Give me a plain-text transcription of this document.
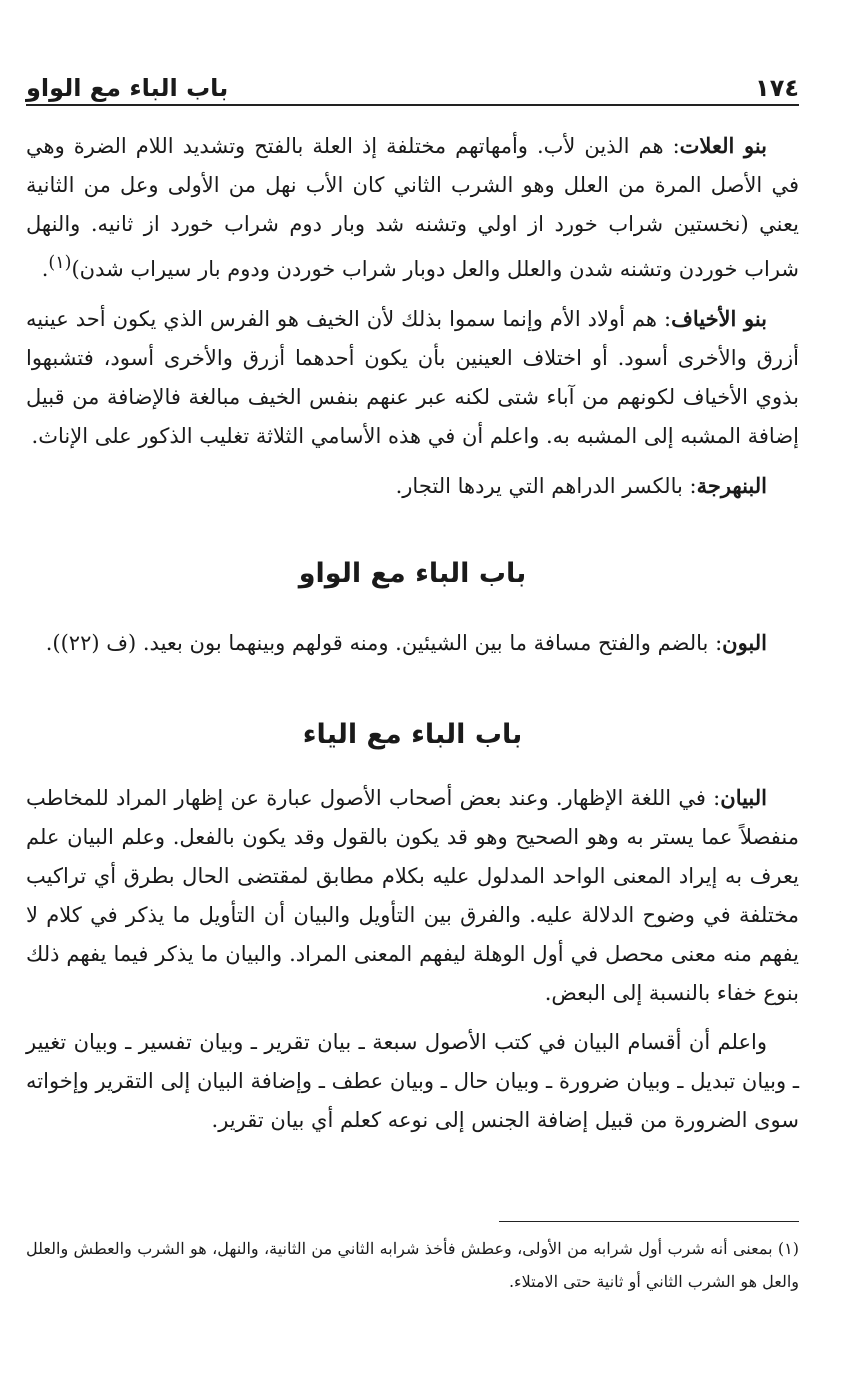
١٧٤
باب الباء مع الواو

بنو العلات: هم الذين لأب. وأمهاتهم مختلفة إذ العلة بالفتح وتشديد اللام الضرة وهي في الأصل المرة من العلل وهو الشرب الثاني كان الأب نهل من الأولى وعل من الثانية يعني (نخستين شراب خورد از اولي وتشنه شد وبار دوم شراب خورد از ثانيه. والنهل شراب خوردن وتشنه شدن والعلل والعل دوبار شراب خوردن ودوم بار سيراب شدن)$^{(١)}$.

بنو الأخياف: هم أولاد الأم وإنما سموا بذلك لأن الخيف هو الفرس الذي يكون أحد عينيه أزرق والأخرى أسود. أو اختلاف العينين بأن يكون أحدهما أزرق والأخرى أسود، فتشبهوا بذوي الأخياف لكونهم من آباء شتى لكنه عبر عنهم بنفس الخيف مبالغة فالإضافة من قبيل إضافة المشبه إلى المشبه به. واعلم أن في هذه الأسامي الثلاثة تغليب الذكور على الإناث.

البنهرجة: بالكسر الدراهم التي يردها التجار.

باب الباء مع الواو

البون: بالضم والفتح مسافة ما بين الشيئين. ومنه قولهم وبينهما بون بعيد. (ف (٢٢)).

باب الباء مع الياء

البيان: في اللغة الإظهار. وعند بعض أصحاب الأصول عبارة عن إظهار المراد للمخاطب منفصلاً عما يستر به وهو الصحيح وهو قد يكون بالقول وقد يكون بالفعل. وعلم البيان علم يعرف به إيراد المعنى الواحد المدلول عليه بكلام مطابق لمقتضى الحال بطرق أي تراكيب مختلفة في وضوح الدلالة عليه. والفرق بين التأويل والبيان أن التأويل ما يذكر في كلام لا يفهم منه معنى محصل في أول الوهلة ليفهم المعنى المراد. والبيان ما يذكر فيما يفهم ذلك بنوع خفاء بالنسبة إلى البعض.

واعلم أن أقسام البيان في كتب الأصول سبعة ـ بيان تقرير ـ وبيان تفسير ـ وبيان تغيير ـ وبيان تبديل ـ وبيان ضرورة ـ وبيان حال ـ وبيان عطف ـ وإضافة البيان إلى التقرير وإخواته سوى الضرورة من قبيل إضافة الجنس إلى نوعه كعلم أي بيان تقرير.

(١) بمعنى أنه شرب أول شرابه من الأولى، وعطش فأخذ شرابه الثاني من الثانية، والنهل، هو الشرب والعطش والعلل والعل هو الشرب الثاني أو ثانية حتى الامتلاء.
